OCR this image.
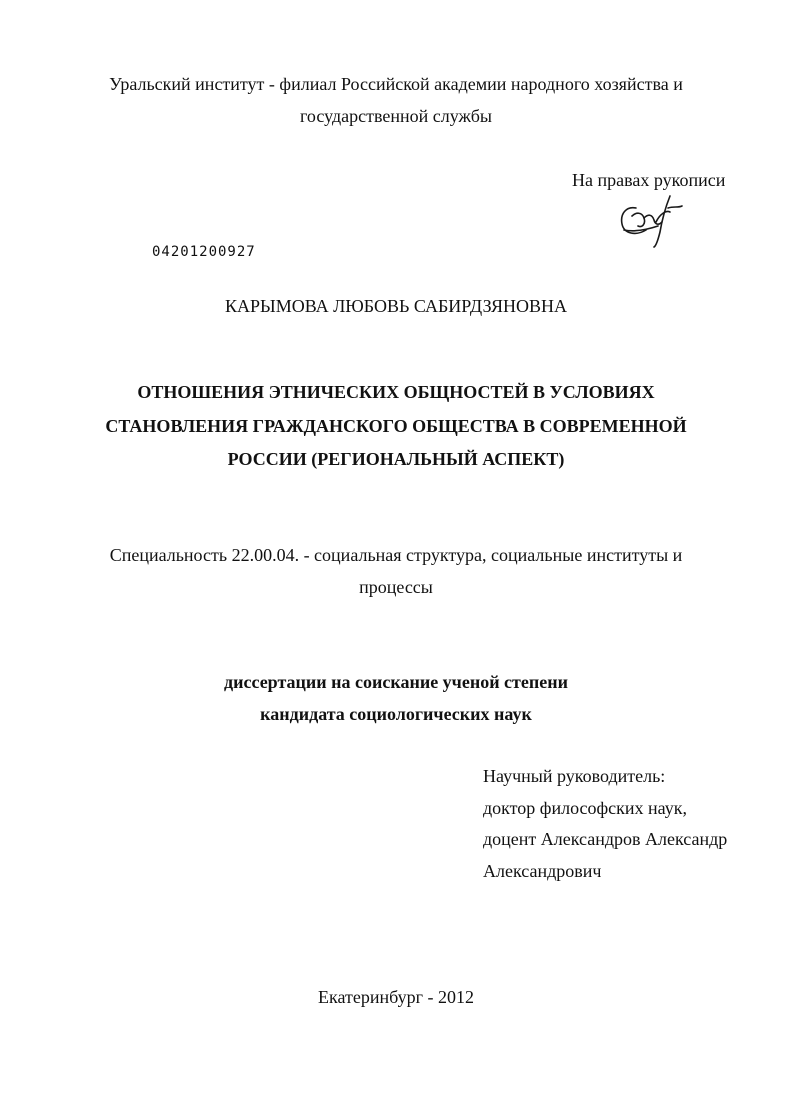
Уральский институт - филиал Российской академии народного хозяйства и
государственной службы
На правах рукописи
04201200927
КАРЫМОВА ЛЮБОВЬ САБИРДЗЯНОВНА
ОТНОШЕНИЯ ЭТНИЧЕСКИХ ОБЩНОСТЕЙ В УСЛОВИЯХ
СТАНОВЛЕНИЯ ГРАЖДАНСКОГО ОБЩЕСТВА В СОВРЕМЕННОЙ
РОССИИ (РЕГИОНАЛЬНЫЙ АСПЕКТ)
Специальность 22.00.04. - социальная структура, социальные институты и
процессы
диссертации на соискание ученой степени
кандидата социологических наук
Научный руководитель:
доктор философских наук,
доцент Александров Александр
Александрович
Екатеринбург - 2012
